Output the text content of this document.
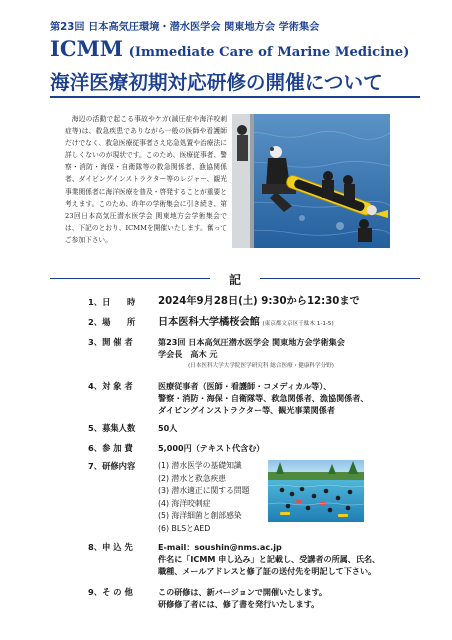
第23回 日本高気圧環境・潜水医学会 関東地方会 学術集会
ICMM (Immediate Care of Marine Medicine)
海洋医療初期対応研修の開催について

海辺の活動で起こる事故やケガ(減圧症や海洋咬刺症等)は、救急疾患でありながら一般の医師や看護師だけでなく、救急医療従事者さえ応急処置や治療法に詳しくないのが現状です。このため、医療従事者、警察・消防・海保・自衛隊等の救急関係者、漁協関係者、ダイビングインストラクター等のレジャー、観光事業関係者に海洋医療を普及・啓発することが重要と考えます。このため、昨年の学術集会に引き続き、第23回日本高気圧潜水医学会 関東地方会学術集会では、下記のとおり、ICMMを開催いたします。奮ってご参加下さい。

記
1、日　　時	2024年9月28日(土) 9:30から12:30まで
2、場　　所	日本医科大学橘桜会館 (東京都文京区千駄木 1-1-5)
3、開 催 者	第23回 日本高気圧潜水医学会 関東地方会学術集会
学会長　高木 元
(日本医科大学大学院医学研究科 総合医療・健康科学分野)
4、対 象 者	医療従事者（医師・看護師・コメディカル等）、
警察・消防・海保・自衛隊等、救急関係者、漁協関係者、
ダイビングインストラクター等、観光事業関係者
5、募集人数	50人
6、参 加 費	5,000円（テキスト代含む）
7、研修内容	(1) 潜水医学の基礎知識
(2) 潜水と救急疾患
(3) 潜水適正に関する問題
(4) 海洋咬刺症
(5) 海洋細菌と創部感染
(6) BLSとAED
8、申 込 先	E-mail：soushin@nms.ac.jp
件名に「ICMM 申し込み」と記載し、受講者の所属、氏名、
職種、メールアドレスと修了証の送付先を明記して下さい。
9、そ の 他	この研修は、新バージョンで開催いたします。
研修修了者には、修了書を発行いたします。
